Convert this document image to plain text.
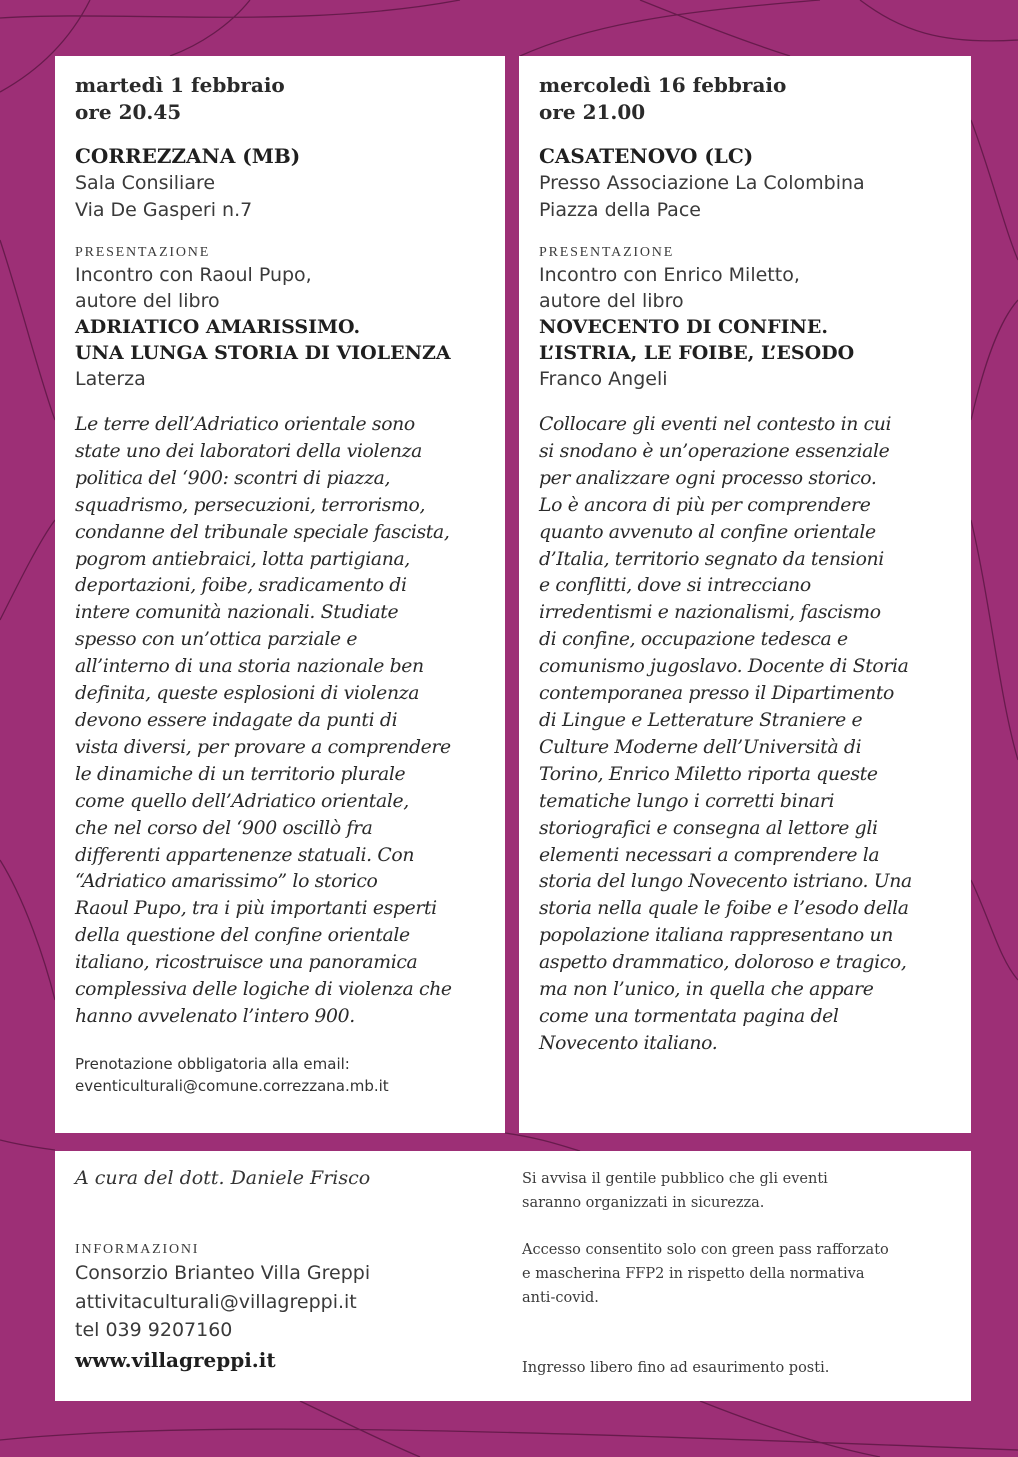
martedì 1 febbraio
ore 20.45
CORREZZANA (MB)
Sala Consiliare
Via De Gasperi n.7
PRESENTAZIONE
Incontro con Raoul Pupo,
autore del libro
ADRIATICO AMARISSIMO.
UNA LUNGA STORIA DI VIOLENZA
Laterza
Le terre dell’Adriatico orientale sono
state uno dei laboratori della violenza
politica del ‘900: scontri di piazza,
squadrismo, persecuzioni, terrorismo,
condanne del tribunale speciale fascista,
pogrom antiebraici, lotta partigiana,
deportazioni, foibe, sradicamento di
intere comunità nazionali. Studiate
spesso con un’ottica parziale e
all’interno di una storia nazionale ben
definita, queste esplosioni di violenza
devono essere indagate da punti di
vista diversi, per provare a comprendere
le dinamiche di un territorio plurale
come quello dell’Adriatico orientale,
che nel corso del ‘900 oscillò fra
differenti appartenenze statuali. Con
“Adriatico amarissimo” lo storico
Raoul Pupo, tra i più importanti esperti
della questione del confine orientale
italiano, ricostruisce una panoramica
complessiva delle logiche di violenza che
hanno avvelenato l’intero 900.
Prenotazione obbligatoria alla email:
eventiculturali@comune.correzzana.mb.it
mercoledì 16 febbraio
ore 21.00
CASATENOVO (LC)
Presso Associazione La Colombina
Piazza della Pace
PRESENTAZIONE
Incontro con Enrico Miletto,
autore del libro
NOVECENTO DI CONFINE.
L’ISTRIA, LE FOIBE, L’ESODO
Franco Angeli
Collocare gli eventi nel contesto in cui
si snodano è un’operazione essenziale
per analizzare ogni processo storico.
Lo è ancora di più per comprendere
quanto avvenuto al confine orientale
d’Italia, territorio segnato da tensioni
e conflitti, dove si intrecciano
irredentismi e nazionalismi, fascismo
di confine, occupazione tedesca e
comunismo jugoslavo. Docente di Storia
contemporanea presso il Dipartimento
di Lingue e Letterature Straniere e
Culture Moderne dell’Università di
Torino, Enrico Miletto riporta queste
tematiche lungo i corretti binari
storiografici e consegna al lettore gli
elementi necessari a comprendere la
storia del lungo Novecento istriano. Una
storia nella quale le foibe e l’esodo della
popolazione italiana rappresentano un
aspetto drammatico, doloroso e tragico,
ma non l’unico, in quella che appare
come una tormentata pagina del
Novecento italiano.
A cura del dott. Daniele Frisco
INFORMAZIONI
Consorzio Brianteo Villa Greppi
attivitaculturali@villagreppi.it
tel 039 9207160
www.villagreppi.it

Si avvisa il gentile pubblico che gli eventi
saranno organizzati in sicurezza.

Accesso consentito solo con green pass rafforzato
e mascherina FFP2 in rispetto della normativa
anti-covid.

Ingresso libero fino ad esaurimento posti.
